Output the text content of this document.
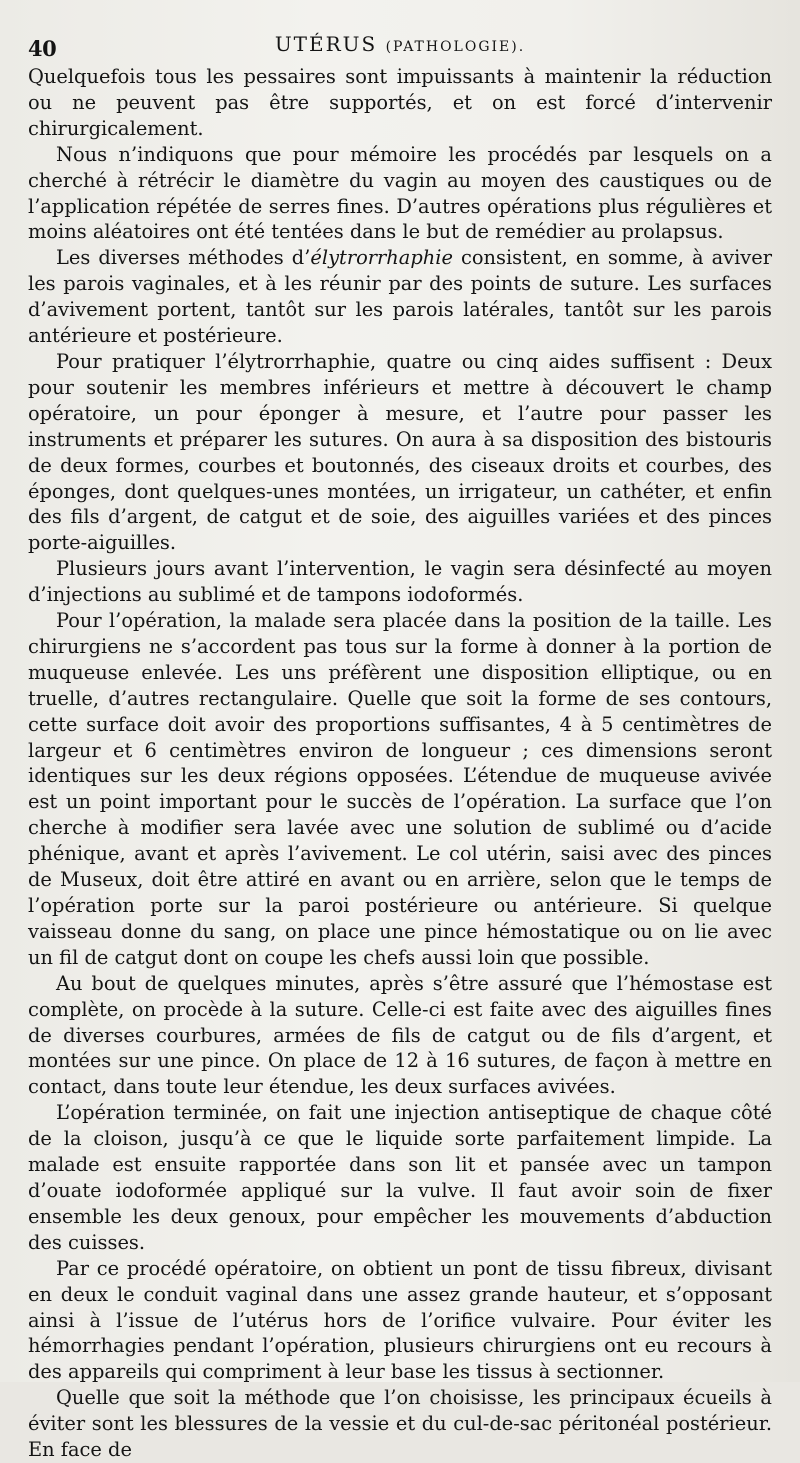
40	UTÉRUS (PATHOLOGIE).

Quelquefois tous les pessaires sont impuissants à maintenir la réduction ou ne peuvent pas être supportés, et on est forcé d’intervenir chirurgicalement.

Nous n’indiquons que pour mémoire les procédés par lesquels on a cherché à rétrécir le diamètre du vagin au moyen des caustiques ou de l’application répétée de serres fines. D’autres opérations plus régulières et moins aléatoires ont été tentées dans le but de remédier au prolapsus.

Les diverses méthodes d’élytrorrhaphie consistent, en somme, à aviver les parois vaginales, et à les réunir par des points de suture. Les surfaces d’avivement portent, tantôt sur les parois latérales, tantôt sur les parois antérieure et postérieure.

Pour pratiquer l’élytrorrhaphie, quatre ou cinq aides suffisent : Deux pour soutenir les membres inférieurs et mettre à découvert le champ opératoire, un pour éponger à mesure, et l’autre pour passer les instruments et préparer les sutures. On aura à sa disposition des bistouris de deux formes, courbes et boutonnés, des ciseaux droits et courbes, des éponges, dont quelques-unes montées, un irrigateur, un cathéter, et enfin des fils d’argent, de catgut et de soie, des aiguilles variées et des pinces porte-aiguilles.

Plusieurs jours avant l’intervention, le vagin sera désinfecté au moyen d’injections au sublimé et de tampons iodoformés.

Pour l’opération, la malade sera placée dans la position de la taille. Les chirurgiens ne s’accordent pas tous sur la forme à donner à la portion de muqueuse enlevée. Les uns préfèrent une disposition elliptique, ou en truelle, d’autres rectangulaire. Quelle que soit la forme de ses contours, cette surface doit avoir des proportions suffisantes, 4 à 5 centimètres de largeur et 6 centimètres environ de longueur ; ces dimensions seront identiques sur les deux régions opposées. L’étendue de muqueuse avivée est un point important pour le succès de l’opération. La surface que l’on cherche à modifier sera lavée avec une solution de sublimé ou d’acide phénique, avant et après l’avivement. Le col utérin, saisi avec des pinces de Museux, doit être attiré en avant ou en arrière, selon que le temps de l’opération porte sur la paroi postérieure ou antérieure. Si quelque vaisseau donne du sang, on place une pince hémostatique ou on lie avec un fil de catgut dont on coupe les chefs aussi loin que possible.

Au bout de quelques minutes, après s’être assuré que l’hémostase est complète, on procède à la suture. Celle-ci est faite avec des aiguilles fines de diverses courbures, armées de fils de catgut ou de fils d’argent, et montées sur une pince. On place de 12 à 16 sutures, de façon à mettre en contact, dans toute leur étendue, les deux surfaces avivées.

L’opération terminée, on fait une injection antiseptique de chaque côté de la cloison, jusqu’à ce que le liquide sorte parfaitement limpide. La malade est ensuite rapportée dans son lit et pansée avec un tampon d’ouate iodoformée appliqué sur la vulve. Il faut avoir soin de fixer ensemble les deux genoux, pour empêcher les mouvements d’abduction des cuisses.

Par ce procédé opératoire, on obtient un pont de tissu fibreux, divisant en deux le conduit vaginal dans une assez grande hauteur, et s’opposant ainsi à l’issue de l’utérus hors de l’orifice vulvaire. Pour éviter les hémorrhagies pendant l’opération, plusieurs chirurgiens ont eu recours à des appareils qui compriment à leur base les tissus à sectionner.

Quelle que soit la méthode que l’on choisisse, les principaux écueils à éviter sont les blessures de la vessie et du cul-de-sac péritonéal postérieur. En face de
